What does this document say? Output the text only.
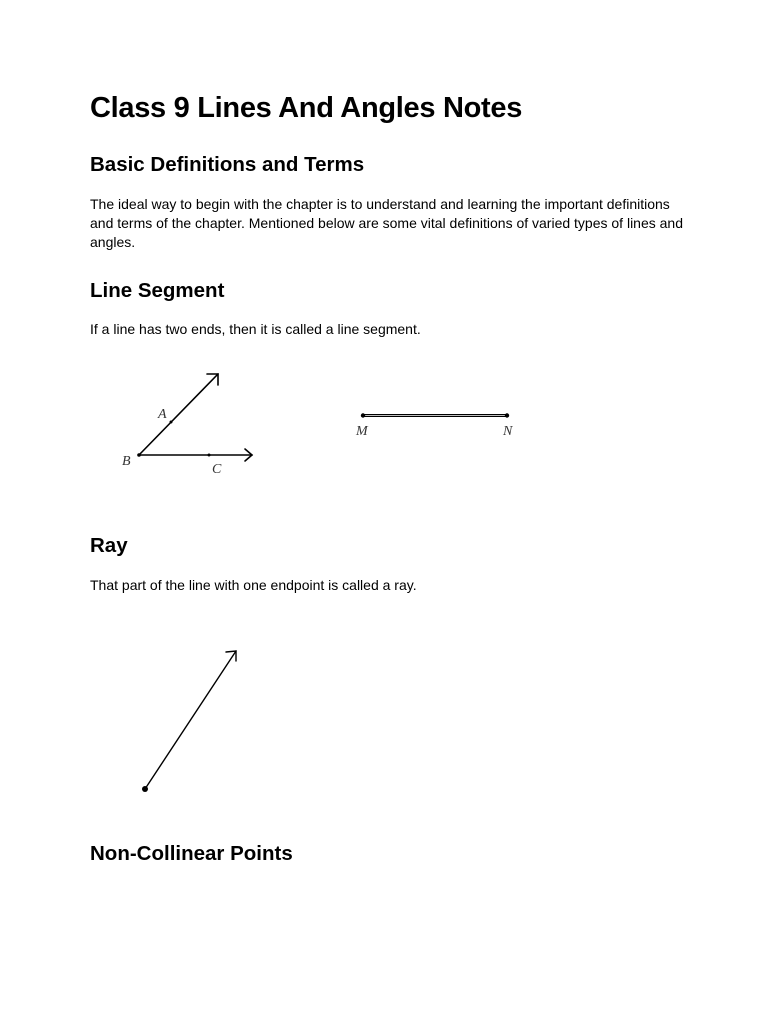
Class 9 Lines And Angles Notes
Basic Definitions and Terms
The ideal way to begin with the chapter is to understand and learning the important definitions
and terms of the chapter. Mentioned below are some vital definitions of varied types of lines and
angles.
Line Segment
If a line has two ends, then it is called a line segment.
A
B
C
M	N
Ray
That part of the line with one endpoint is called a ray.
Non-Collinear Points
